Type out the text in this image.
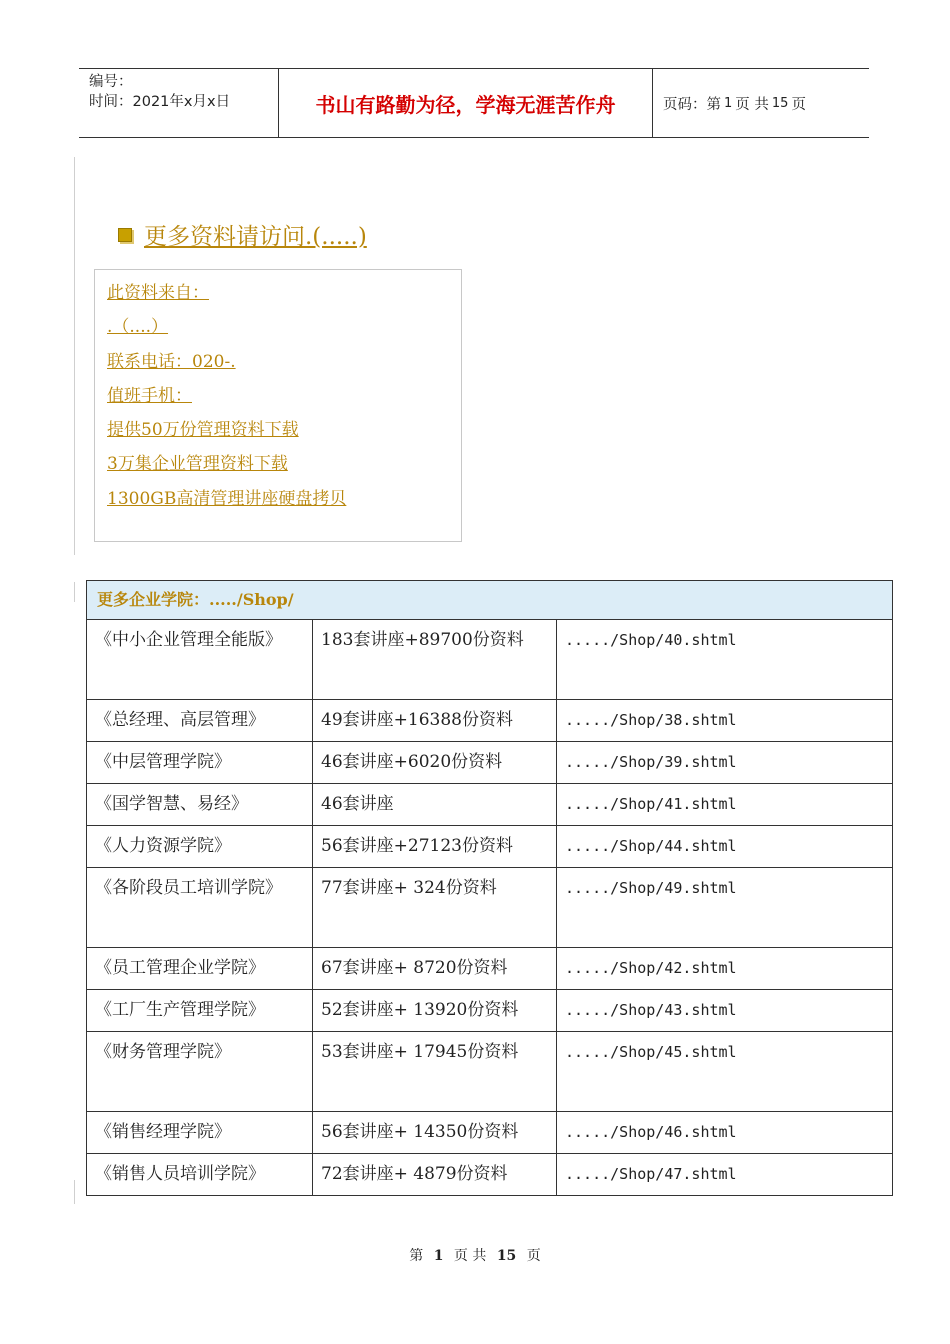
编号：
时间：2021年x月x日	书山有路勤为径，学海无涯苦作舟	页码：第 1 页 共 15 页
更多资料请访问.(.....)
此资料来自：
.（....）
联系电话：020-.
值班手机：
提供50万份管理资料下载
3万集企业管理资料下载
1300GB高清管理讲座硬盘拷贝
更多企业学院：...../Shop/		
《中小企业管理全能版》	183套讲座+89700份资料	...../Shop/40.shtml
《总经理、高层管理》	49套讲座+16388份资料	...../Shop/38.shtml
《中层管理学院》	46套讲座+6020份资料	...../Shop/39.shtml
《国学智慧、易经》	46套讲座	...../Shop/41.shtml
《人力资源学院》	56套讲座+27123份资料	...../Shop/44.shtml
《各阶段员工培训学院》	77套讲座+ 324份资料	...../Shop/49.shtml
《员工管理企业学院》	67套讲座+ 8720份资料	...../Shop/42.shtml
《工厂生产管理学院》	52套讲座+ 13920份资料	...../Shop/43.shtml
《财务管理学院》	53套讲座+ 17945份资料	...../Shop/45.shtml
《销售经理学院》	56套讲座+ 14350份资料	...../Shop/46.shtml
《销售人员培训学院》	72套讲座+ 4879份资料	...../Shop/47.shtml
第 1 页 共 15 页
